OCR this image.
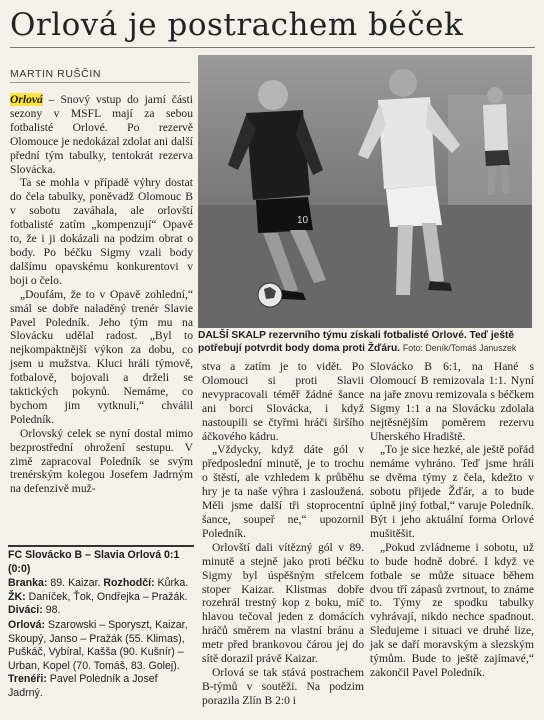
Orlová je postrachem béček
MARTIN RUŠČIN

Orlová – Snový vstup do jarní části sezony v MSFL mají za sebou fotbalisté Orlové. Po rezervě Olomouce je nedokázal zdolat ani další přední tým tabulky, tentokrát rezerva Slovácka.

Ta se mohla v případě výhry dostat do čela tabulky, poněvadž Olomouc B v sobotu zaváhala, ale orlovští fotbalisté zatím „kompenzují“ Opavě to, že i ji dokázali na podzim obrat o body. Po béčku Sigmy vzali body dalšímu opavskému konkurentovi v boji o čelo.

„Doufám, že to v Opavě zohlední,“ smál se dobře naladěný trenér Slavie Pavel Poledník. Jeho tým mu na Slovácku udělal radost. „Byl to nejkompaktnější výkon za dobu, co jsem u mužstva. Kluci hráli týmově, fotbalově, bojovali a drželi se taktických pokynů. Nemáme, co bychom jim vytknuli,“ chválil Poledník.

Orlovský celek se nyní dostal mimo bezprostřední ohrožení sestupu. V zimě zapracoval Poledník se svým trenérským kolegou Josefem Jadrným na defenzivě muž-

10
DALŠÍ SKALP rezervního týmu získali fotbalisté Orlové. Teď ještě potřebují potvrdit body doma proti Žďáru. Foto: Deník/Tomáš Januszek

stva a zatím je to vidět. Po Olomouci si proti Slavii nevypracovali téměř žádné šance ani borci Slovácka, i když nastoupili se čtyřmi hráči širšího áčkového kádru.

„Vždycky, když dáte gól v předposlední minutě, je to trochu o štěstí, ale vzhledem k průběhu hry je ta naše výhra i zasloužená. Měli jsme další tři stoprocentní šance, soupeř ne,“ upozornil Poledník.

Orlovští dali vítězný gól v 89. minutě a stejně jako proti béčku Sigmy byl úspěšným střelcem stoper Kaizar. Klistmas dobře rozehrál trestný kop z boku, míč hlavou tečoval jeden z domácích hráčů směrem na vlastní bránu a metr před brankovou čárou jej do sítě dorazil právě Kaizar.

Orlová se tak stává postrachem B-týmů v soutěži. Na podzim porazila Zlín B 2:0 i

Slovácko B 6:1, na Hané s Olomoucí B remizovala 1:1. Nyní na jaře znovu remizovala s béčkem Sigmy 1:1 a na Slovácku zdolala nejtěsnějším poměrem rezervu Uherského Hradiště.

„To je sice hezké, ale ještě pořád nemáme vyhráno. Teď jsme hráli se dvěma týmy z čela, kdežto v sobotu přijede Žďár, a to bude úplně jiný fotbal,“ varuje Poledník. Být i jeho aktuální forma Orlové mušitěšit.

„Pokud zvládneme i sobotu, už to bude hodně dobré. I když ve fotbale se může situace během dvou tří zápasů zvrtnout, to známe to. Týmy ze spodku tabulky vyhrávají, nikdo nechce spadnout. Sledujeme i situaci ve druhé lize, jak se daří moravským a slezským týmům. Bude to ještě zajímavé,“ zakončil Pavel Poledník.

FC Slovácko B – Slavia Orlová 0:1 (0:0)

Branka: 89. Kaizar. Rozhodčí: Kůrka. ŽK: Daníček, Ťok, Ondřejka – Pražák. Diváci: 98.

Orlová: Szarowski – Sporyszt, Kaizar, Skoupý, Janso – Pražák (55. Klimas), Puškáč, Vybíral, Kašša (90. Kušnír) – Urban, Kopel (70. Tomáš, 83. Golej). Trenéři: Pavel Poledník a Josef Jadrný.
